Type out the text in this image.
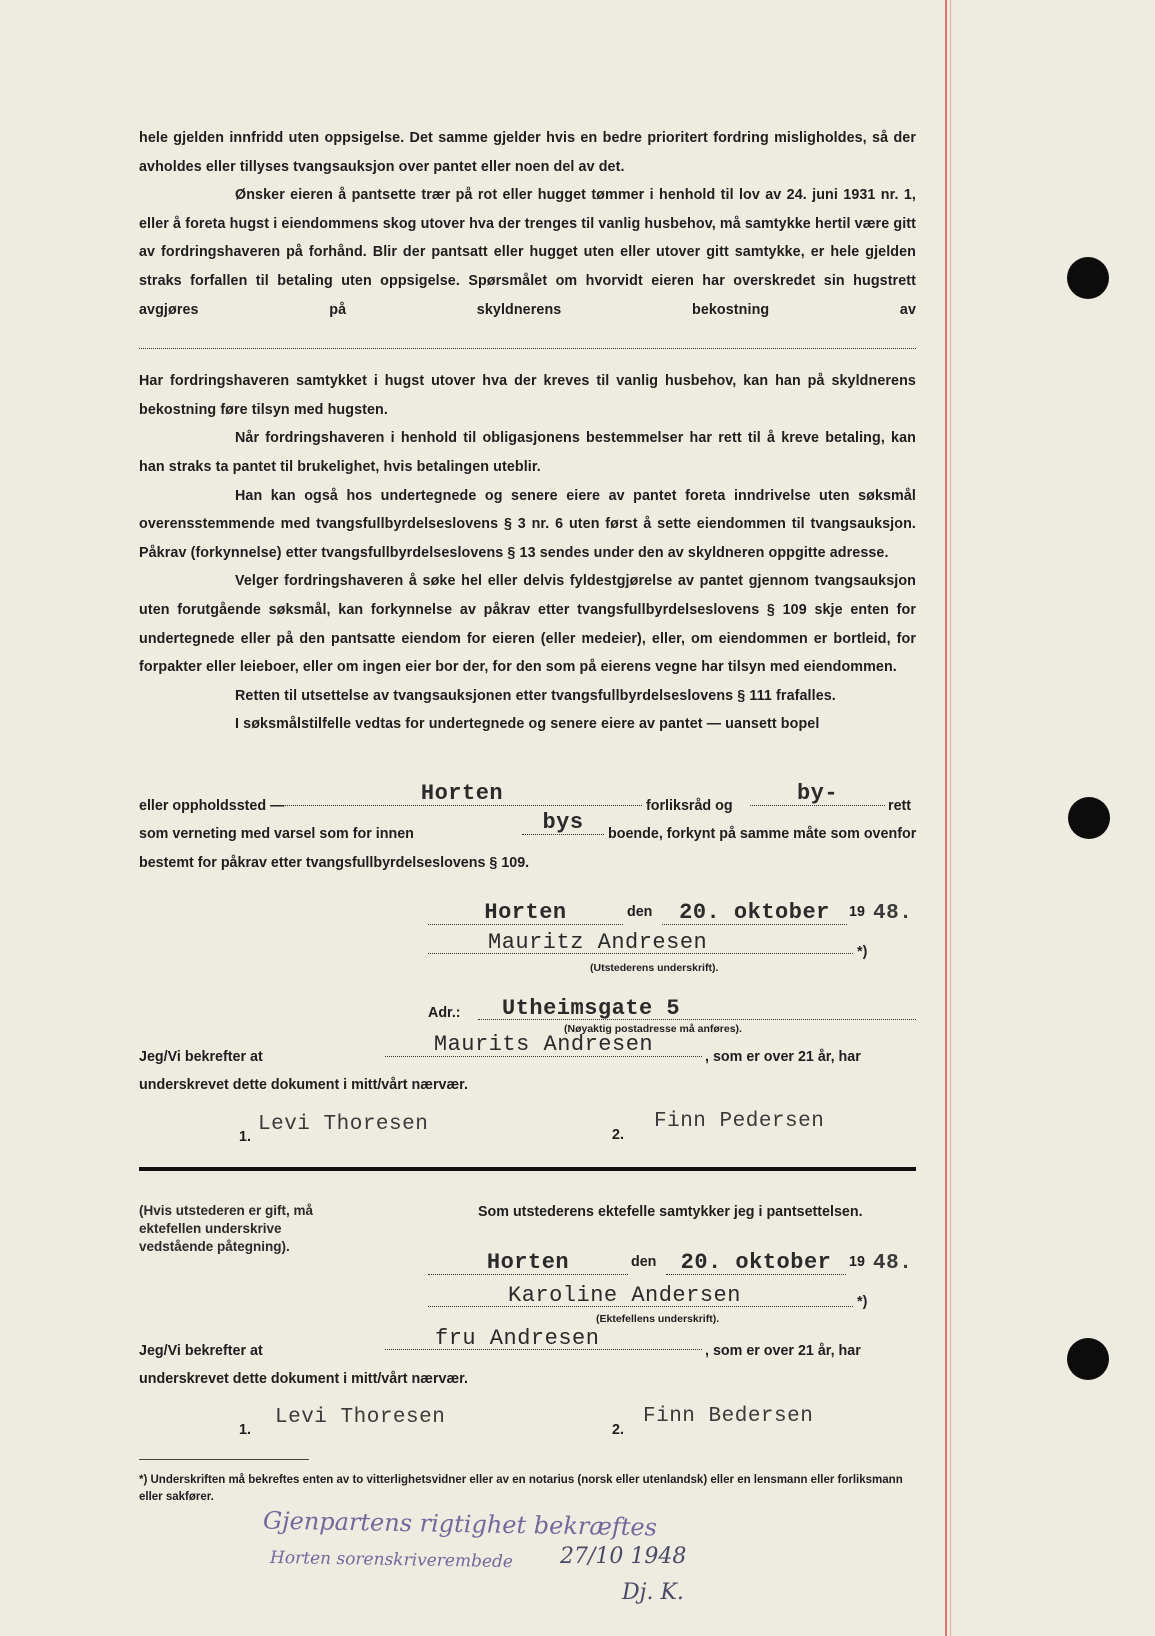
hele gjelden innfridd uten oppsigelse. Det samme gjelder hvis en bedre prioritert fordring misligholdes, så der avholdes eller tillyses tvangsauksjon over pantet eller noen del av det.

Ønsker eieren å pantsette trær på rot eller hugget tømmer i henhold til lov av 24. juni 1931 nr. 1, eller å foreta hugst i eiendommens skog utover hva der trenges til vanlig husbehov, må samtykke hertil være gitt av fordringshaveren på forhånd. Blir der pantsatt eller hugget uten eller utover gitt samtykke, er hele gjelden straks forfallen til betaling uten oppsigelse. Spørsmålet om hvorvidt eieren har overskredet sin hugstrett avgjøres på skyldnerens bekostning av

Har fordringshaveren samtykket i hugst utover hva der kreves til vanlig husbehov, kan han på skyldnerens bekostning føre tilsyn med hugsten.

Når fordringshaveren i henhold til obligasjonens bestemmelser har rett til å kreve betaling, kan han straks ta pantet til brukelighet, hvis betalingen uteblir.

Han kan også hos undertegnede og senere eiere av pantet foreta inndrivelse uten søksmål overensstemmende med tvangsfullbyrdelseslovens § 3 nr. 6 uten først å sette eiendommen til tvangsauksjon. Påkrav (forkynnelse) etter tvangsfullbyrdelseslovens § 13 sendes under den av skyldneren oppgitte adresse.

Velger fordringshaveren å søke hel eller delvis fyldestgjørelse av pantet gjennom tvangsauksjon uten forutgående søksmål, kan forkynnelse av påkrav etter tvangsfullbyrdelseslovens § 109 skje enten for undertegnede eller på den pantsatte eiendom for eieren (eller medeier), eller, om eiendommen er bortleid, for forpakter eller leieboer, eller om ingen eier bor der, for den som på eierens vegne har tilsyn med eiendommen.

Retten til utsettelse av tvangsauksjonen etter tvangsfullbyrdelseslovens § 111 frafalles.

I søksmålstilfelle vedtas for undertegnede og senere eiere av pantet — uansett bopel

eller oppholdssted —	Horten	forliksråd og	by-	rett
som verneting med varsel som for innen	bys	boende, forkynt på samme måte som ovenfor
bestemt for påkrav etter tvangsfullbyrdelseslovens § 109.
Horten	den	20. oktober	19 48.
Mauritz Andresen	*)
(Utstederens underskrift).
Adr.:	Utheimsgate 5
(Nøyaktig postadresse må anføres).
Jeg/Vi bekrefter at	Maurits Andresen	, som er over 21 år, har
underskrevet dette dokument i mitt/vårt nærvær.
1.
Levi Thoresen	2.
Finn Pedersen
(Hvis utstederen er gift, må ektefellen underskrive vedstående påtegning).
Som utstederens ektefelle samtykker jeg i pantsettelsen.
Horten	den	20. oktober	19 48.
Karoline Andersen	*)
(Ektefellens underskrift).
Jeg/Vi bekrefter at	fru Andresen	, som er over 21 år, har
underskrevet dette dokument i mitt/vårt nærvær.
1.
Levi Thoresen
2.
Finn Bedersen
*) Underskriften må bekreftes enten av to vitterlighetsvidner eller av en notarius (norsk eller utenlandsk) eller en lensmann eller forliksmann eller sakfører.
Gjenpartens rigtighet bekræftes
Horten sorenskriverembede 27/10 1948
Dj. K.
